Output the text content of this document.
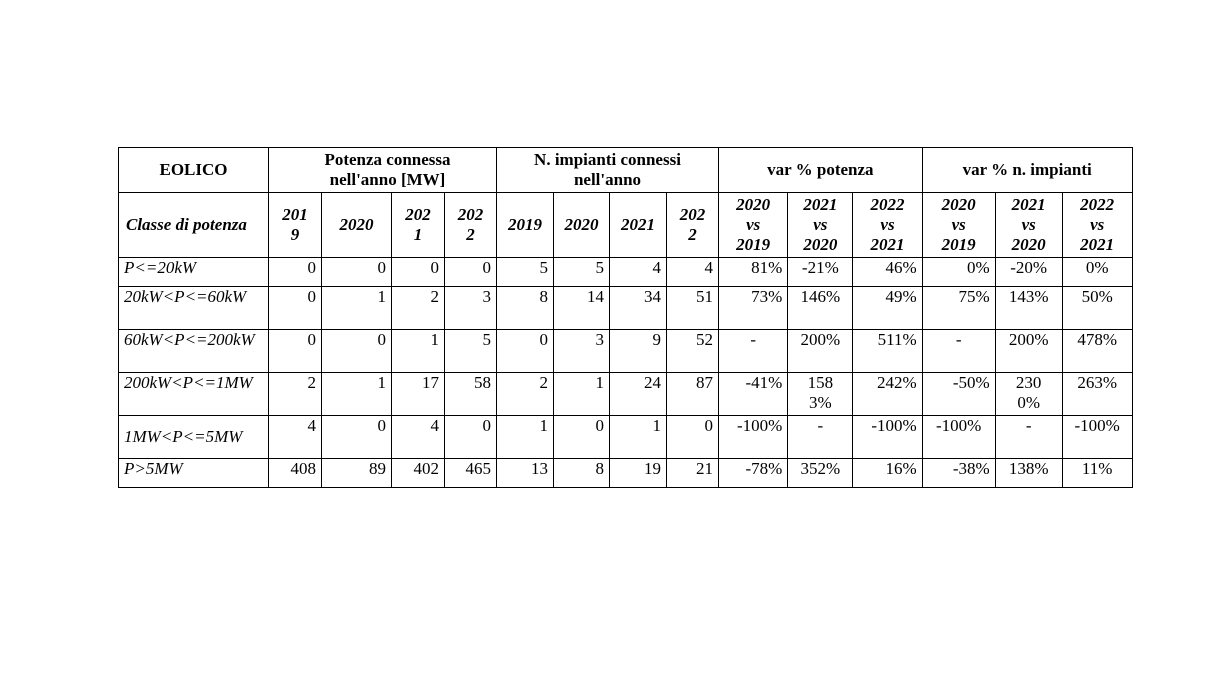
EOLICO	Potenza connessa nell'anno [MW]				N. impianti connessi nell'anno				var % potenza			var % n. impianti		
Classe di potenza	2019	2020	2021	2022	2019	2020	2021	2022	2020 vs 2019	2021 vs 2020	2022 vs 2021	2020 vs 2019	2021 vs 2020	2022 vs 2021
P<=20kW	0	0	0	0	5	5	4	4	81%	-21%	46%	0%	-20%	0%
20kW<P<=60kW	0	1	2	3	8	14	34	51	73%	146%	49%	75%	143%	50%
60kW<P<=200kW	0	0	1	5	0	3	9	52	-	200%	511%	-	200%	478%
200kW<P<=1MW	2	1	17	58	2	1	24	87	-41%	1583%	242%	-50%	2300%	263%
1MW<P<=5MW	4	0	4	0	1	0	1	0	-100%	-	-100%	-100%	-	-100%
P>5MW	408	89	402	465	13	8	19	21	-78%	352%	16%	-38%	138%	11%
